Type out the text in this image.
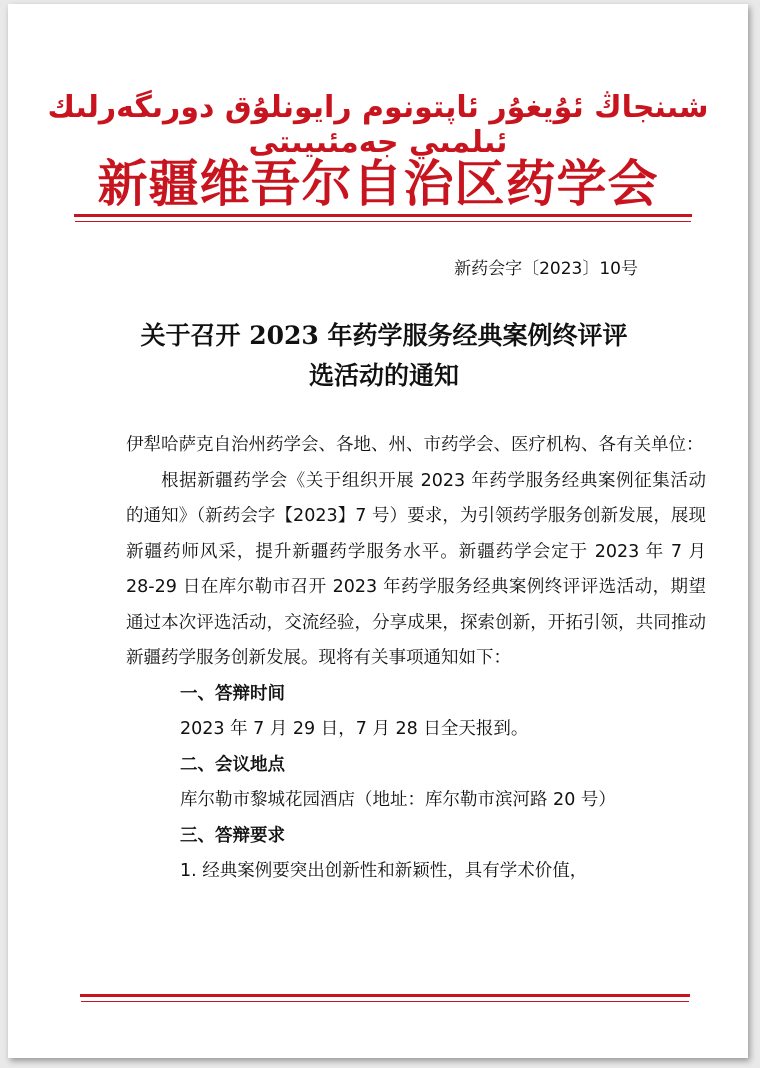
شىنجاڭ ئۇيغۇر ئاپتونوم رايونلۇق دورىگەرلىك ئىلمىي جەمئىيىتى
新疆维吾尔自治区药学会
新药会字〔2023〕10号
关于召开 2023 年药学服务经典案例终评评
选活动的通知

伊犁哈萨克自治州药学会、各地、州、市药学会、医疗机构、各有关单位：

根据新疆药学会《关于组织开展 2023 年药学服务经典案例征集活动的通知》（新药会字【2023】7 号）要求，为引领药学服务创新发展，展现新疆药师风采，提升新疆药学服务水平。新疆药学会定于 2023 年 7 月 28-29 日在库尔勒市召开 2023 年药学服务经典案例终评评选活动，期望通过本次评选活动，交流经验，分享成果，探索创新，开拓引领，共同推动新疆药学服务创新发展。现将有关事项通知如下：

一、答辩时间

2023 年 7 月 29 日，7 月 28 日全天报到。

二、会议地点

库尔勒市黎城花园酒店（地址：库尔勒市滨河路 20 号）

三、答辩要求

1. 经典案例要突出创新性和新颖性，具有学术价值，
